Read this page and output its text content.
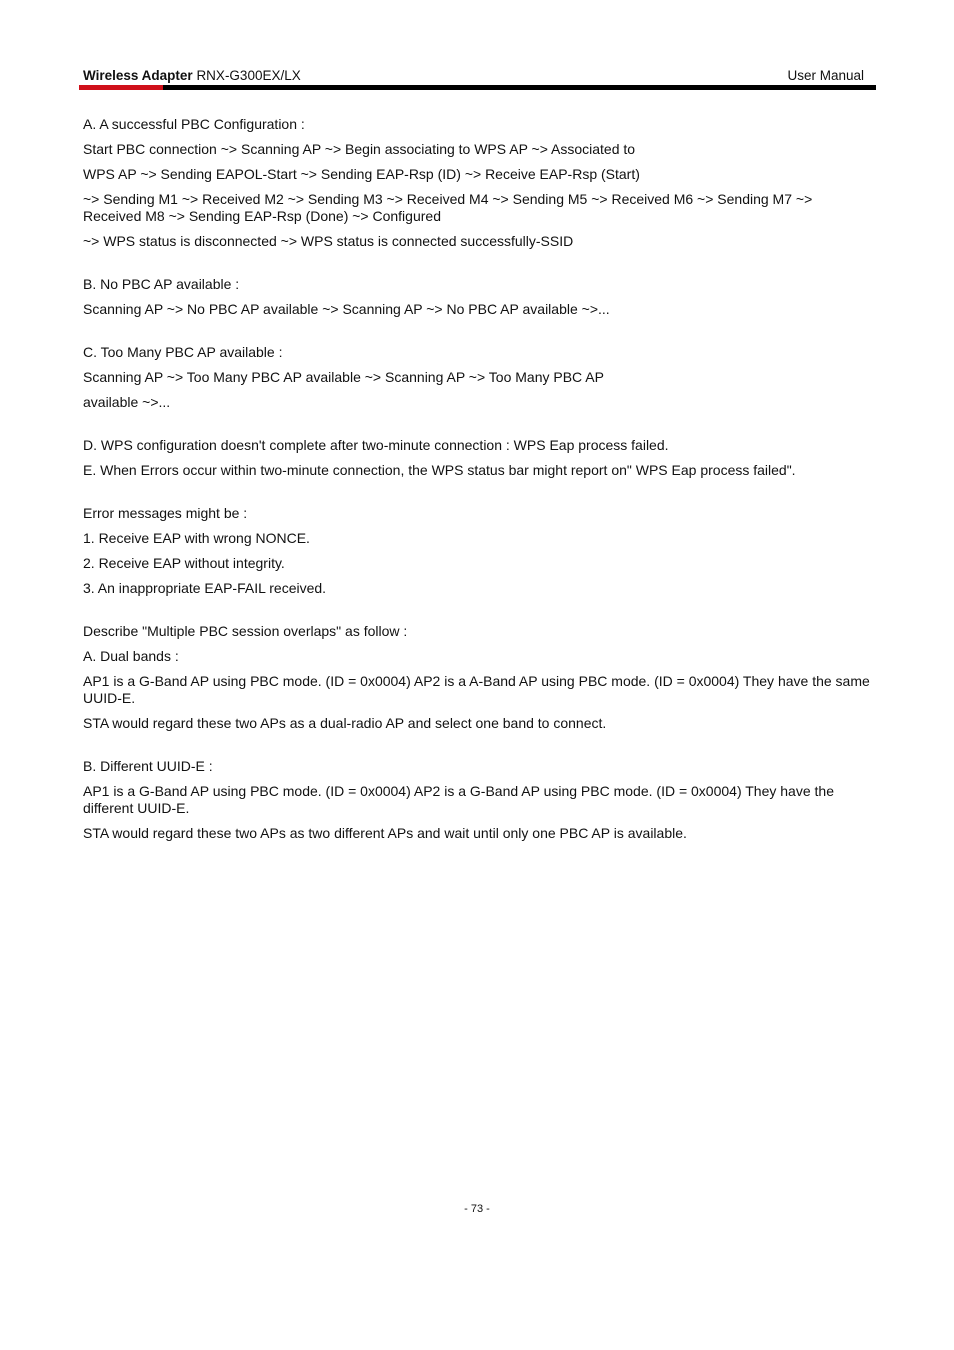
Wireless Adapter RNX-G300EX/LX	User Manual

A. A successful PBC Configuration :

Start PBC connection ~> Scanning AP ~> Begin associating to WPS AP ~> Associated to

WPS AP ~> Sending EAPOL-Start ~> Sending EAP-Rsp (ID) ~> Receive EAP-Rsp (Start)

~> Sending M1 ~> Received M2 ~> Sending M3 ~> Received M4 ~> Sending M5 ~> Received M6 ~> Sending M7 ~> Received M8 ~> Sending EAP-Rsp (Done) ~> Configured

~> WPS status is disconnected ~> WPS status is connected successfully-SSID

B. No PBC AP available :

Scanning AP ~> No PBC AP available ~> Scanning AP ~> No PBC AP available ~>...

C. Too Many PBC AP available :

Scanning AP ~> Too Many PBC AP available ~> Scanning AP ~> Too Many PBC AP

available ~>...

D. WPS configuration doesn't complete after two-minute connection : WPS Eap process failed.

E. When Errors occur within two-minute connection, the WPS status bar might report on" WPS Eap process failed".

Error messages might be :

1. Receive EAP with wrong NONCE.

2. Receive EAP without integrity.

3. An inappropriate EAP-FAIL received.

Describe "Multiple PBC session overlaps" as follow :

A. Dual bands :

AP1 is a G-Band AP using PBC mode. (ID = 0x0004) AP2 is a A-Band AP using PBC mode. (ID = 0x0004) They have the same UUID-E.

STA would regard these two APs as a dual-radio AP and select one band to connect.

B. Different UUID-E :

AP1 is a G-Band AP using PBC mode. (ID = 0x0004) AP2 is a G-Band AP using PBC mode. (ID = 0x0004) They have the different UUID-E.

STA would regard these two APs as two different APs and wait until only one PBC AP is available.

- 73 -
